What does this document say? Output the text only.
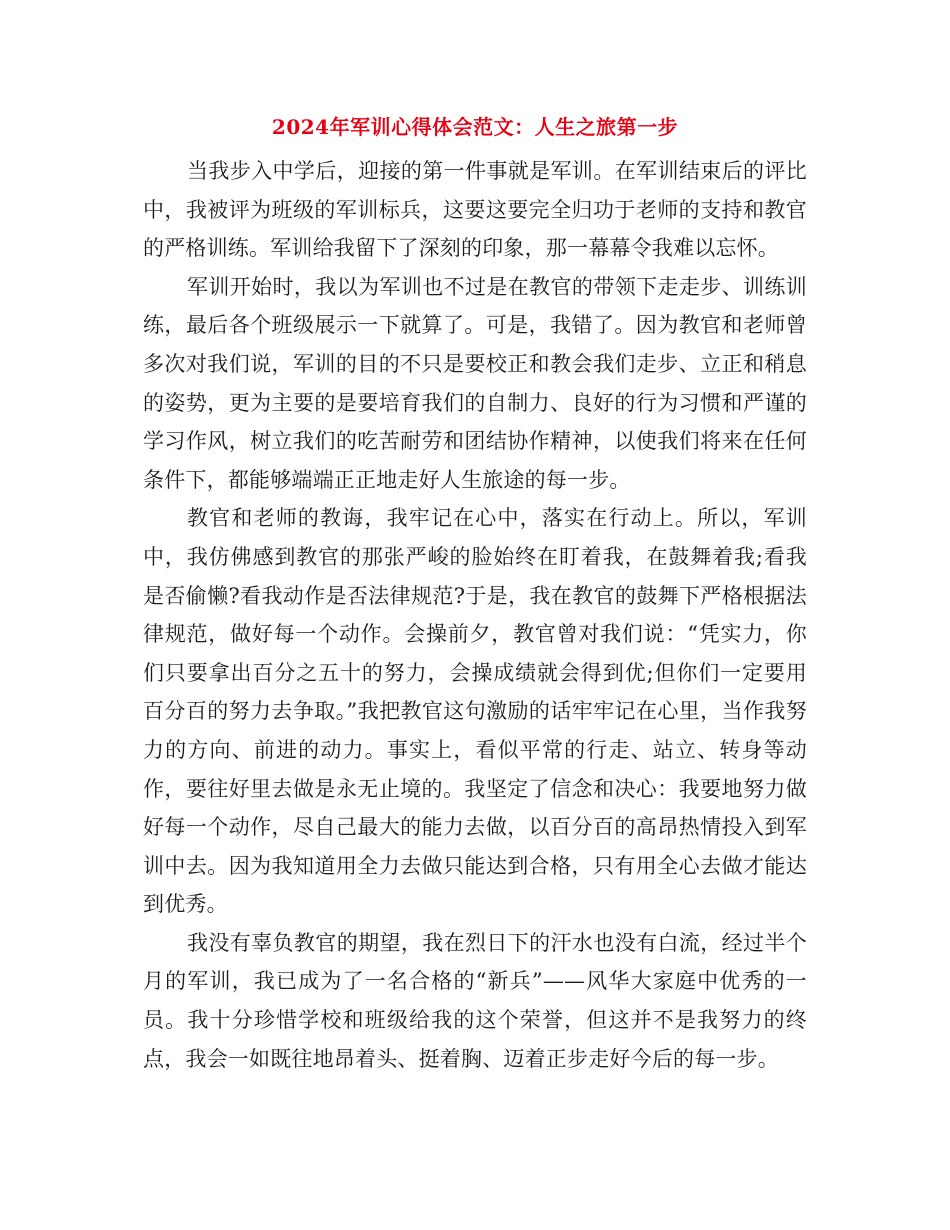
2024年军训心得体会范文：人生之旅第一步

当我步入中学后，迎接的第一件事就是军训。在军训结束后的评比中，我被评为班级的军训标兵，这要这要完全归功于老师的支持和教官的严格训练。军训给我留下了深刻的印象，那一幕幕令我难以忘怀。

军训开始时，我以为军训也不过是在教官的带领下走走步、训练训练，最后各个班级展示一下就算了。可是，我错了。因为教官和老师曾多次对我们说，军训的目的不只是要校正和教会我们走步、立正和稍息的姿势，更为主要的是要培育我们的自制力、良好的行为习惯和严谨的学习作风，树立我们的吃苦耐劳和团结协作精神，以使我们将来在任何条件下，都能够端端正正地走好人生旅途的每一步。

教官和老师的教诲，我牢记在心中，落实在行动上。所以，军训中，我仿佛感到教官的那张严峻的脸始终在盯着我，在鼓舞着我;看我是否偷懒?看我动作是否法律规范?于是，我在教官的鼓舞下严格根据法律规范，做好每一个动作。会操前夕，教官曾对我们说：“凭实力，你们只要拿出百分之五十的努力，会操成绩就会得到优;但你们一定要用百分百的努力去争取。”我把教官这句激励的话牢牢记在心里，当作我努力的方向、前进的动力。事实上，看似平常的行走、站立、转身等动作，要往好里去做是永无止境的。我坚定了信念和决心：我要地努力做好每一个动作，尽自己最大的能力去做，以百分百的高昂热情投入到军训中去。因为我知道用全力去做只能达到合格，只有用全心去做才能达到优秀。

我没有辜负教官的期望，我在烈日下的汗水也没有白流，经过半个月的军训，我已成为了一名合格的“新兵”——风华大家庭中优秀的一员。我十分珍惜学校和班级给我的这个荣誉，但这并不是我努力的终点，我会一如既往地昂着头、挺着胸、迈着正步走好今后的每一步。
